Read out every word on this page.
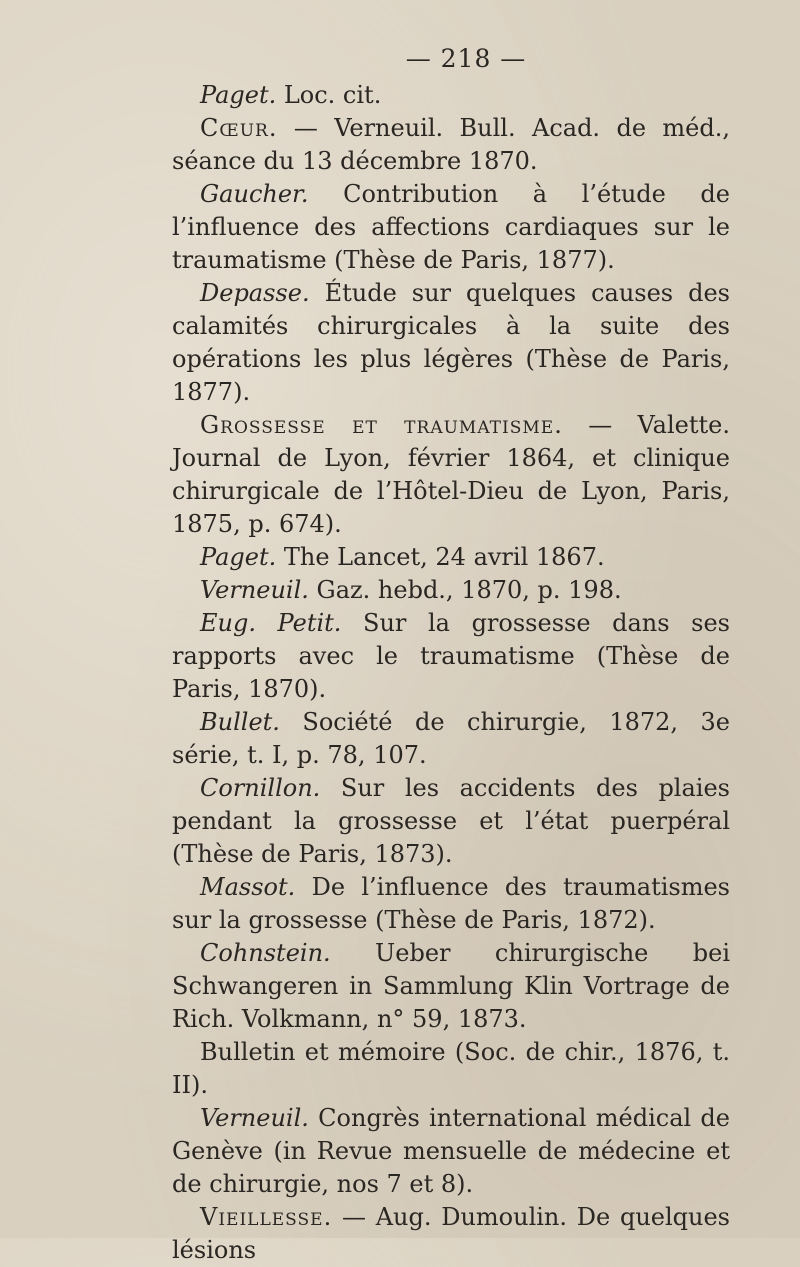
— 218 —

Paget. Loc. cit.

Cœur. — Verneuil. Bull. Acad. de méd., séance du 13 décembre 1870.

Gaucher. Contribution à l’étude de l’influence des affections cardiaques sur le traumatisme (Thèse de Paris, 1877).

Depasse. Étude sur quelques causes des calamités chirurgicales à la suite des opérations les plus légères (Thèse de Paris, 1877).

Grossesse et traumatisme. — Valette. Journal de Lyon, février 1864, et clinique chirurgicale de l’Hôtel-Dieu de Lyon, Paris, 1875, p. 674).

Paget. The Lancet, 24 avril 1867.

Verneuil. Gaz. hebd., 1870, p. 198.

Eug. Petit. Sur la grossesse dans ses rapports avec le traumatisme (Thèse de Paris, 1870).

Bullet. Société de chirurgie, 1872, 3e série, t. I, p. 78, 107.

Cornillon. Sur les accidents des plaies pendant la grossesse et l’état puerpéral (Thèse de Paris, 1873).

Massot. De l’influence des traumatismes sur la grossesse (Thèse de Paris, 1872).

Cohnstein. Ueber chirurgische bei Schwangeren in Sammlung Klin Vortrage de Rich. Volkmann, n° 59, 1873.

Bulletin et mémoire (Soc. de chir., 1876, t. II).

Verneuil. Congrès international médical de Genève (in Revue mensuelle de médecine et de chirurgie, nos 7 et 8).

Vieillesse. — Aug. Dumoulin. De quelques lésions
